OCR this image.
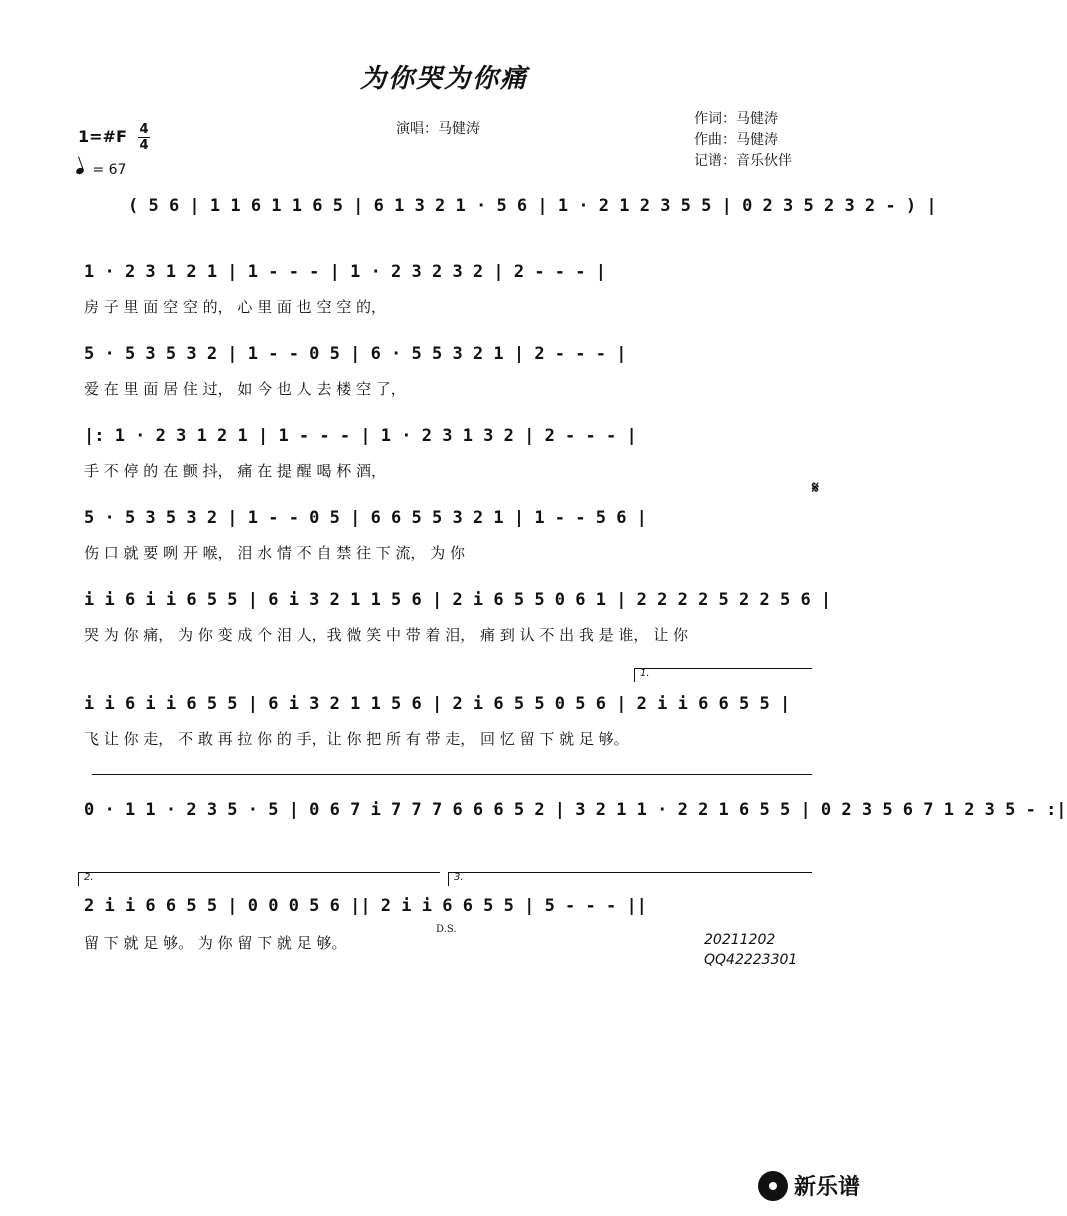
为你哭为你痛
演唱：马健涛
作词：马健涛
作曲：马健涛
记谱：音乐伙伴
1=#F 4
4
= 67
( 5 6 | 1 1 6 1 1 6 5 | 6 1 3 2 1 · 5 6 | 1 · 2 1 2 3 5 5 | 0 2 3 5 2 3 2 - ) |
1 · 2 3 1 2 1 | 1 - - - | 1 · 2 3 2 3 2 | 2 - - - |
房 子 里 面 空 空 的， 心 里 面 也 空 空 的，
5 · 5 3 5 3 2 | 1 - - 0 5 | 6 · 5 5 3 2 1 | 2 - - - |
爱 在 里 面 居 住 过， 如 今 也 人 去 楼 空 了，
|: 1 · 2 3 1 2 1 | 1 - - - | 1 · 2 3 1 3 2 | 2 - - - |
手 不 停 的 在 颤 抖， 痛 在 提 醒 喝 杯 酒，
𝄋
5 · 5 3 5 3 2 | 1 - - 0 5 | 6 6 5 5 3 2 1 | 1 - - 5 6 |
伤 口 就 要 咧 开 喉， 泪 水 情 不 自 禁 往 下 流， 为 你
i i 6 i i 6 5 5 | 6 i 3 2 1 1 5 6 | 2 i 6 5 5 0 6 1 | 2 2 2 2 5 2 2 5 6 |
哭 为 你 痛， 为 你 变 成 个 泪 人，我 微 笑 中 带 着 泪， 痛 到 认 不 出 我 是 谁， 让 你
1.
i i 6 i i 6 5 5 | 6 i 3 2 1 1 5 6 | 2 i 6 5 5 0 5 6 | 2 i i 6 6 5 5 |
飞 让 你 走， 不 敢 再 拉 你 的 手，让 你 把 所 有 带 走， 回 忆 留 下 就 足 够。
0 · 1 1 · 2 3 5 · 5 | 0 6 7 i 7 7 7 6 6 6 5 2 | 3 2 1 1 · 2 2 1 6 5 5 | 0 2 3 5 6 7 1 2 3 5 - :|
2.	3.
2 i i 6 6 5 5 | 0 0 0 5 6 || 2 i i 6 6 5 5 | 5 - - - ||
D.S.
留 下 就 足 够。 为 你 留 下 就 足 够。	20211202
QQ42223301
新乐谱
